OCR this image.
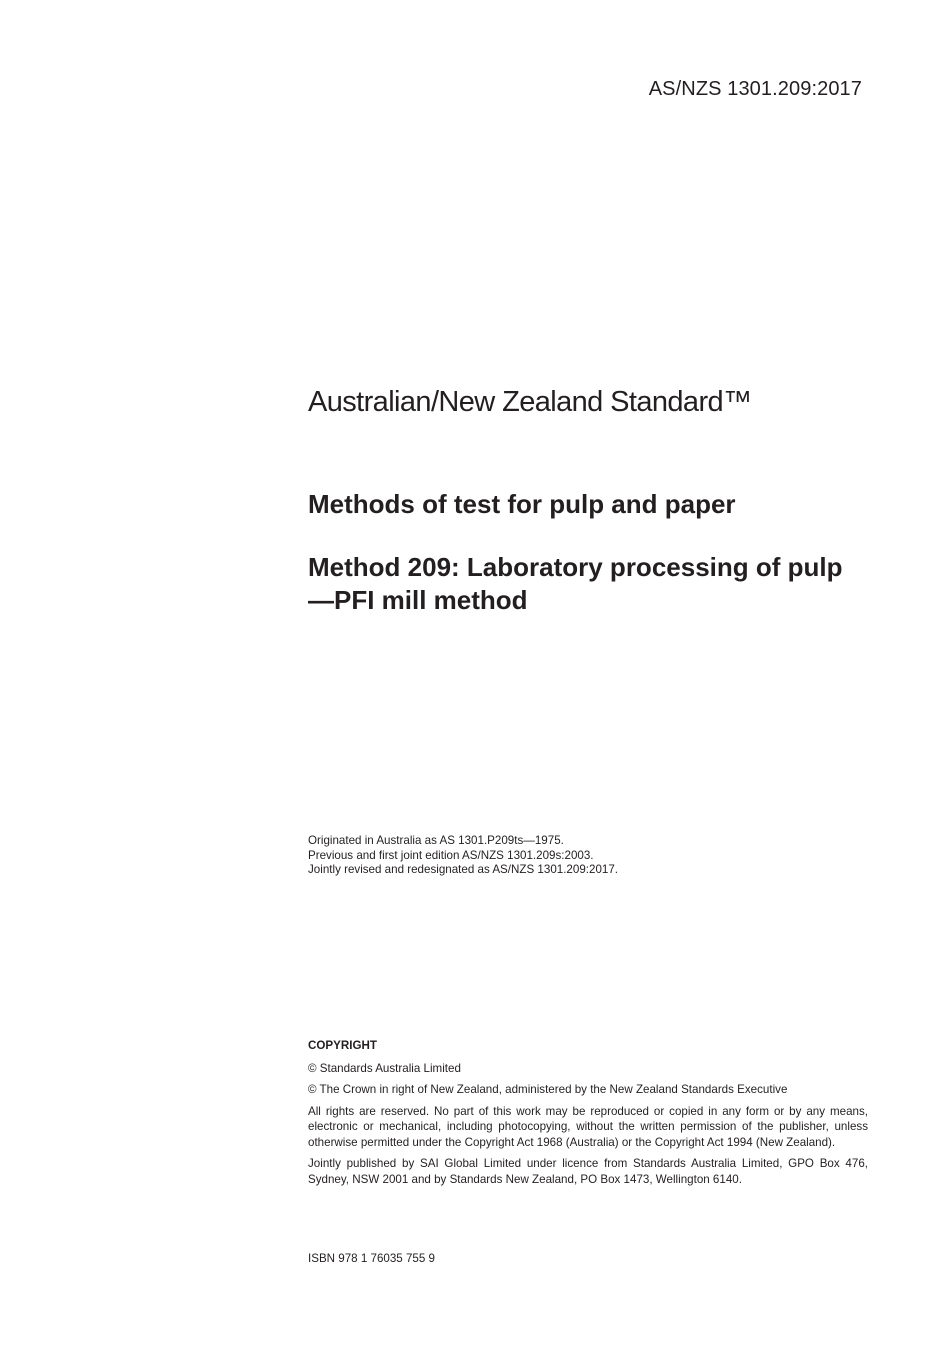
AS/NZS 1301.209:2017
Australian/New Zealand Standard™
Methods of test for pulp and paper
Method 209: Laboratory processing of pulp—PFI mill method
Originated in Australia as AS 1301.P209ts—1975.
Previous and first joint edition AS/NZS 1301.209s:2003.
Jointly revised and redesignated as AS/NZS 1301.209:2017.

COPYRIGHT

© Standards Australia Limited

© The Crown in right of New Zealand, administered by the New Zealand Standards Executive

All rights are reserved. No part of this work may be reproduced or copied in any form or by any means, electronic or mechanical, including photocopying, without the written permission of the publisher, unless otherwise permitted under the Copyright Act 1968 (Australia) or the Copyright Act 1994 (New Zealand).

Jointly published by SAI Global Limited under licence from Standards Australia Limited, GPO Box 476, Sydney, NSW 2001 and by Standards New Zealand, PO Box 1473, Wellington 6140.

ISBN 978 1 76035 755 9
